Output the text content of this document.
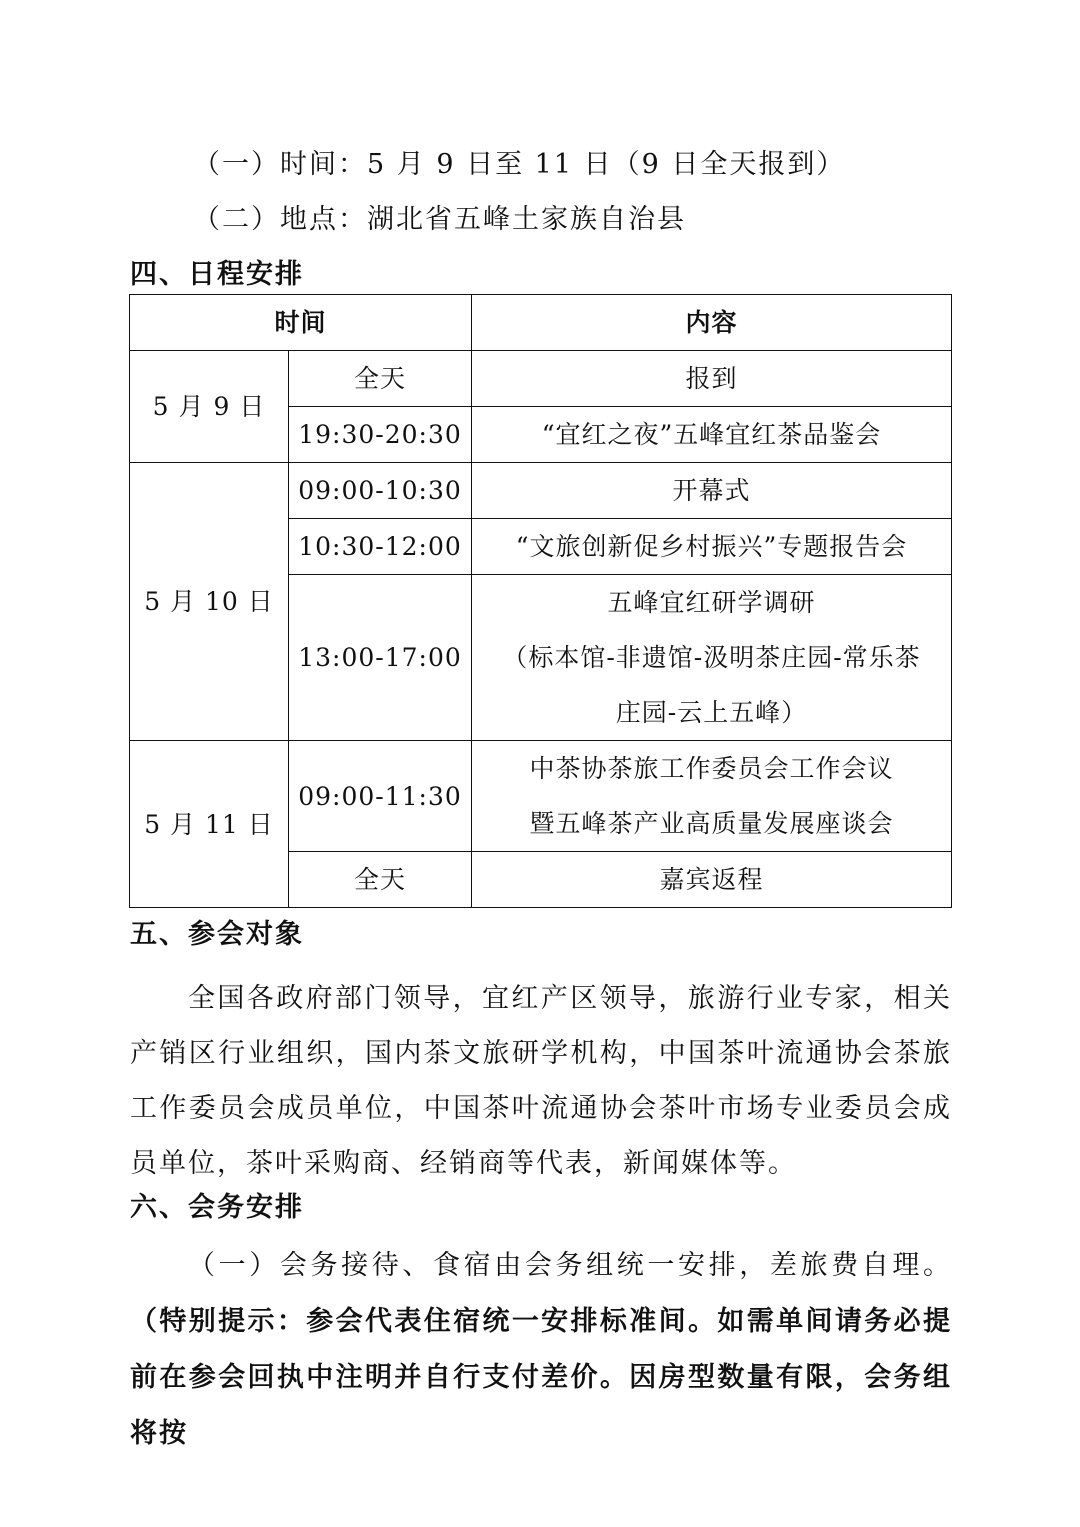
（一）时间：5 月 9 日至 11 日（9 日全天报到）
（二）地点：湖北省五峰土家族自治县
四、日程安排
时间		内容
5 月 9 日	全天	报到
	19:30-20:30	“宜红之夜”五峰宜红茶品鉴会
5 月 10 日	09:00-10:30	开幕式
	10:30-12:00	“文旅创新促乡村振兴”专题报告会
	13:00-17:00	五峰宜红研学调研
（标本馆-非遗馆-汲明茶庄园-常乐茶
庄园-云上五峰）

5 月 11 日	09:00-11:30	中茶协茶旅工作委员会工作会议
暨五峰茶产业高质量发展座谈会

	全天	嘉宾返程
五、参会对象
全国各政府部门领导，宜红产区领导，旅游行业专家，相关产销区行业组织，国内茶文旅研学机构，中国茶叶流通协会茶旅工作委员会成员单位，中国茶叶流通协会茶叶市场专业委员会成员单位，茶叶采购商、经销商等代表，新闻媒体等。
六、会务安排
（一）会务接待、食宿由会务组统一安排，差旅费自理。（特别提示：参会代表住宿统一安排标准间。如需单间请务必提前在参会回执中注明并自行支付差价。因房型数量有限，会务组将按
